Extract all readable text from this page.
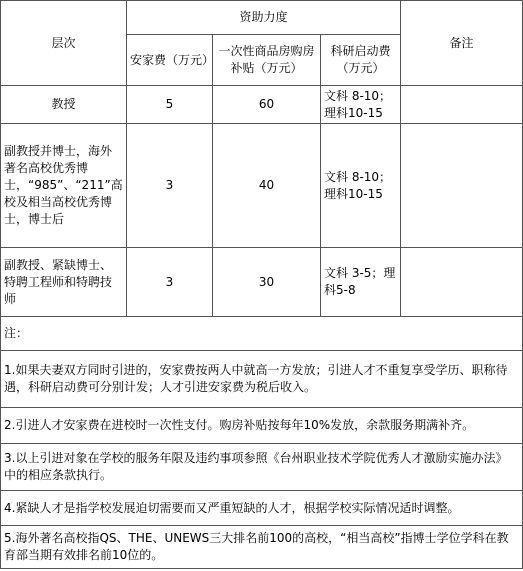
层次	资助力度			备注
	安家费（万元）	一次性商品房购房补贴（万元）	科研启动费（万元）	
教授	5	60	文科 8-10；理科10-15	
副教授并博士，海外著名高校优秀博士，“985”、“211”高校及相当高校优秀博士，博士后	3	40	文科 8-10；理科10-15	
副教授、紧缺博士、特聘工程师和特聘技师	3	30	文科 3-5；理科5-8	
注：				
1.如果夫妻双方同时引进的，安家费按两人中就高一方发放；引进人才不重复享受学历、职称待遇，科研启动费可分别计发；人才引进安家费为税后收入。				
2.引进人才安家费在进校时一次性支付。购房补贴按每年10%发放，余款服务期满补齐。				
3.以上引进对象在学校的服务年限及违约事项参照《台州职业技术学院优秀人才激励实施办法》中的相应条款执行。				
4.紧缺人才是指学校发展迫切需要而又严重短缺的人才，根据学校实际情况适时调整。				
5.海外著名高校指QS、THE、UNEWS三大排名前100的高校，“相当高校”指博士学位学科在教育部当期有效排名前10位的。				
